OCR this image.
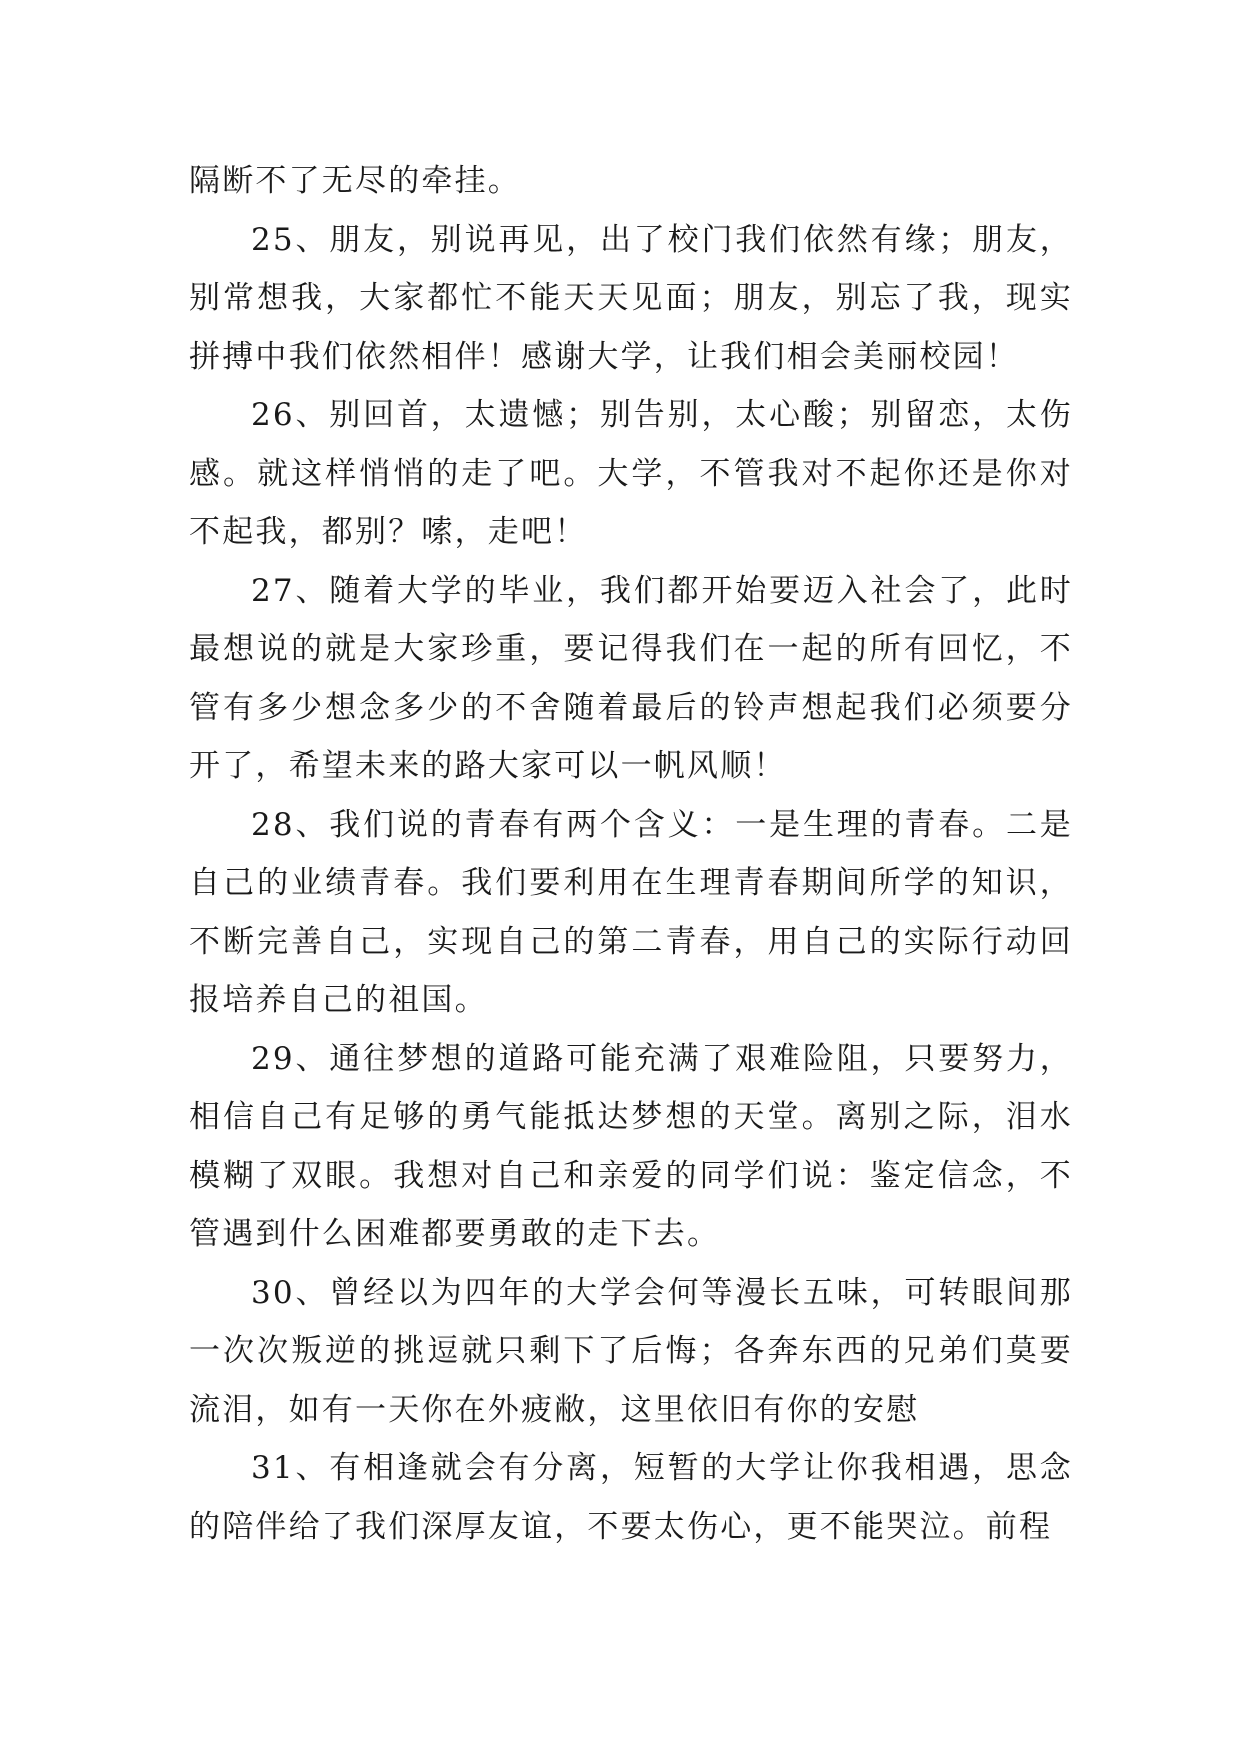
隔断不了无尽的牵挂。

25、朋友，别说再见，出了校门我们依然有缘；朋友，别常想我，大家都忙不能天天见面；朋友，别忘了我，现实拼搏中我们依然相伴！感谢大学，让我们相会美丽校园！

26、别回首，太遗憾；别告别，太心酸；别留恋，太伤感。就这样悄悄的走了吧。大学，不管我对不起你还是你对不起我，都别？嗦，走吧！

27、随着大学的毕业，我们都开始要迈入社会了，此时最想说的就是大家珍重，要记得我们在一起的所有回忆，不管有多少想念多少的不舍随着最后的铃声想起我们必须要分开了，希望未来的路大家可以一帆风顺！

28、我们说的青春有两个含义：一是生理的青春。二是自己的业绩青春。我们要利用在生理青春期间所学的知识，不断完善自己，实现自己的第二青春，用自己的实际行动回报培养自己的祖国。

29、通往梦想的道路可能充满了艰难险阻，只要努力，相信自己有足够的勇气能抵达梦想的天堂。离别之际，泪水模糊了双眼。我想对自己和亲爱的同学们说：鉴定信念，不管遇到什么困难都要勇敢的走下去。

30、曾经以为四年的大学会何等漫长五味，可转眼间那一次次叛逆的挑逗就只剩下了后悔；各奔东西的兄弟们莫要流泪，如有一天你在外疲敝，这里依旧有你的安慰

31、有相逢就会有分离，短暂的大学让你我相遇，思念的陪伴给了我们深厚友谊，不要太伤心，更不能哭泣。前程
